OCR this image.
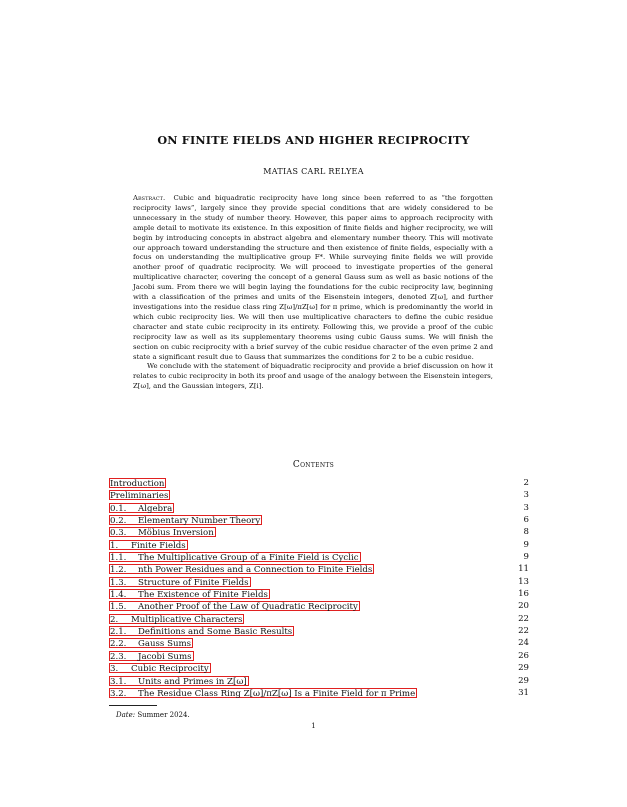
ON FINITE FIELDS AND HIGHER RECIPROCITY
MATIAS CARL RELYEA

Abstract. Cubic and biquadratic reciprocity have long since been referred to as “the forgotten reciprocity laws”, largely since they provide special conditions that are widely considered to be unnecessary in the study of number theory. However, this paper aims to approach reciprocity with ample detail to motivate its existence. In this exposition of finite fields and higher reciprocity, we will begin by introducing concepts in abstract algebra and elementary number theory. This will motivate our approach toward understanding the structure and then existence of finite fields, especially with a focus on understanding the multiplicative group F*. While surveying finite fields we will provide another proof of quadratic reciprocity. We will proceed to investigate properties of the general multiplicative character, covering the concept of a general Gauss sum as well as basic notions of the Jacobi sum. From there we will begin laying the foundations for the cubic reciprocity law, beginning with a classification of the primes and units of the Eisenstein integers, denoted Z[ω], and further investigations into the residue class ring Z[ω]/πZ[ω] for π prime, which is predominantly the world in which cubic reciprocity lies. We will then use multiplicative characters to define the cubic residue character and state cubic reciprocity in its entirety. Following this, we provide a proof of the cubic reciprocity law as well as its supplementary theorems using cubic Gauss sums. We will finish the section on cubic reciprocity with a brief survey of the cubic residue character of the even prime 2 and state a significant result due to Gauss that summarizes the conditions for 2 to be a cubic residue.

We conclude with the statement of biquadratic reciprocity and provide a brief discussion on how it relates to cubic reciprocity in both its proof and usage of the analogy between the Eisenstein integers, Z[ω], and the Gaussian integers, Z[i].

Contents
Introduction	2
Preliminaries	3
0.1. Algebra	3
0.2. Elementary Number Theory	6
0.3. Möbius Inversion	8
1. Finite Fields	9
1.1. The Multiplicative Group of a Finite Field is Cyclic	9
1.2. nth Power Residues and a Connection to Finite Fields	11
1.3. Structure of Finite Fields	13
1.4. The Existence of Finite Fields	16
1.5. Another Proof of the Law of Quadratic Reciprocity	20
2. Multiplicative Characters	22
2.1. Definitions and Some Basic Results	22
2.2. Gauss Sums	24
2.3. Jacobi Sums	26
3. Cubic Reciprocity	29
3.1. Units and Primes in Z[ω]	29
3.2. The Residue Class Ring Z[ω]/πZ[ω] Is a Finite Field for π Prime	31
Date: Summer 2024.
1
